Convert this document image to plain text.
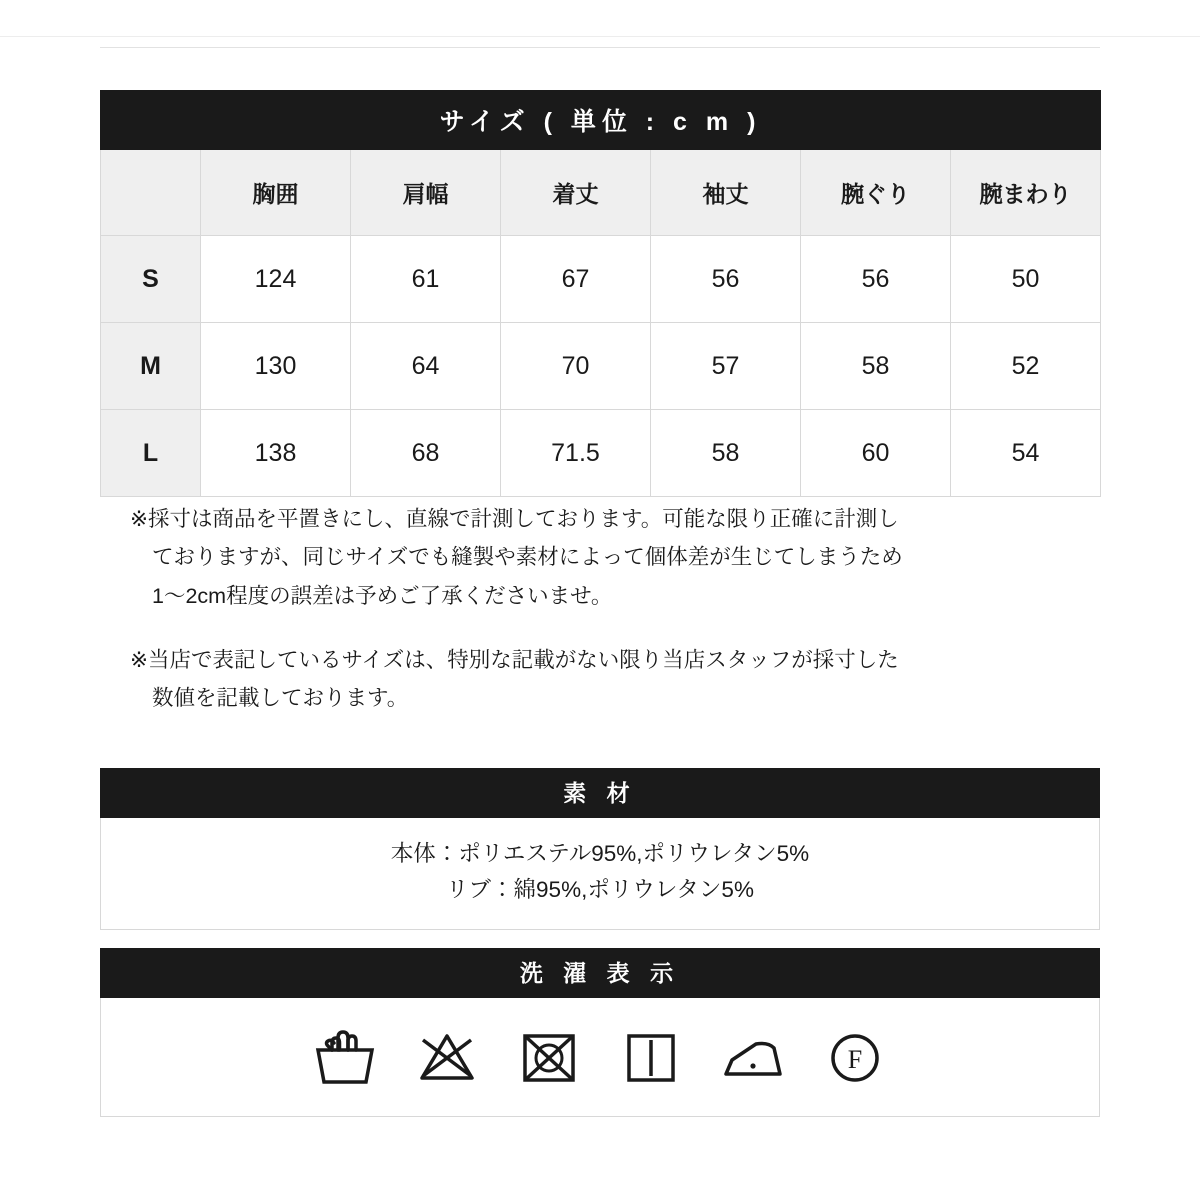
サイズ ( 単位 : c m )						
	胸囲	肩幅	着丈	袖丈	腕ぐり	腕まわり
S	124	61	67	56	56	50
M	130	64	70	57	58	52
L	138	68	71.5	58	60	54
※採寸は商品を平置きにし、直線で計測しております。可能な限り正確に計測し
ておりますが、同じサイズでも縫製や素材によって個体差が生じてしまうため
1〜2cm程度の誤差は予めご了承くださいませ。
※当店で表記しているサイズは、特別な記載がない限り当店スタッフが採寸した
数値を記載しております。
素 材
本体：ポリエステル95%,ポリウレタン5%
リブ：綿95%,ポリウレタン5%
洗 濯 表 示
F
